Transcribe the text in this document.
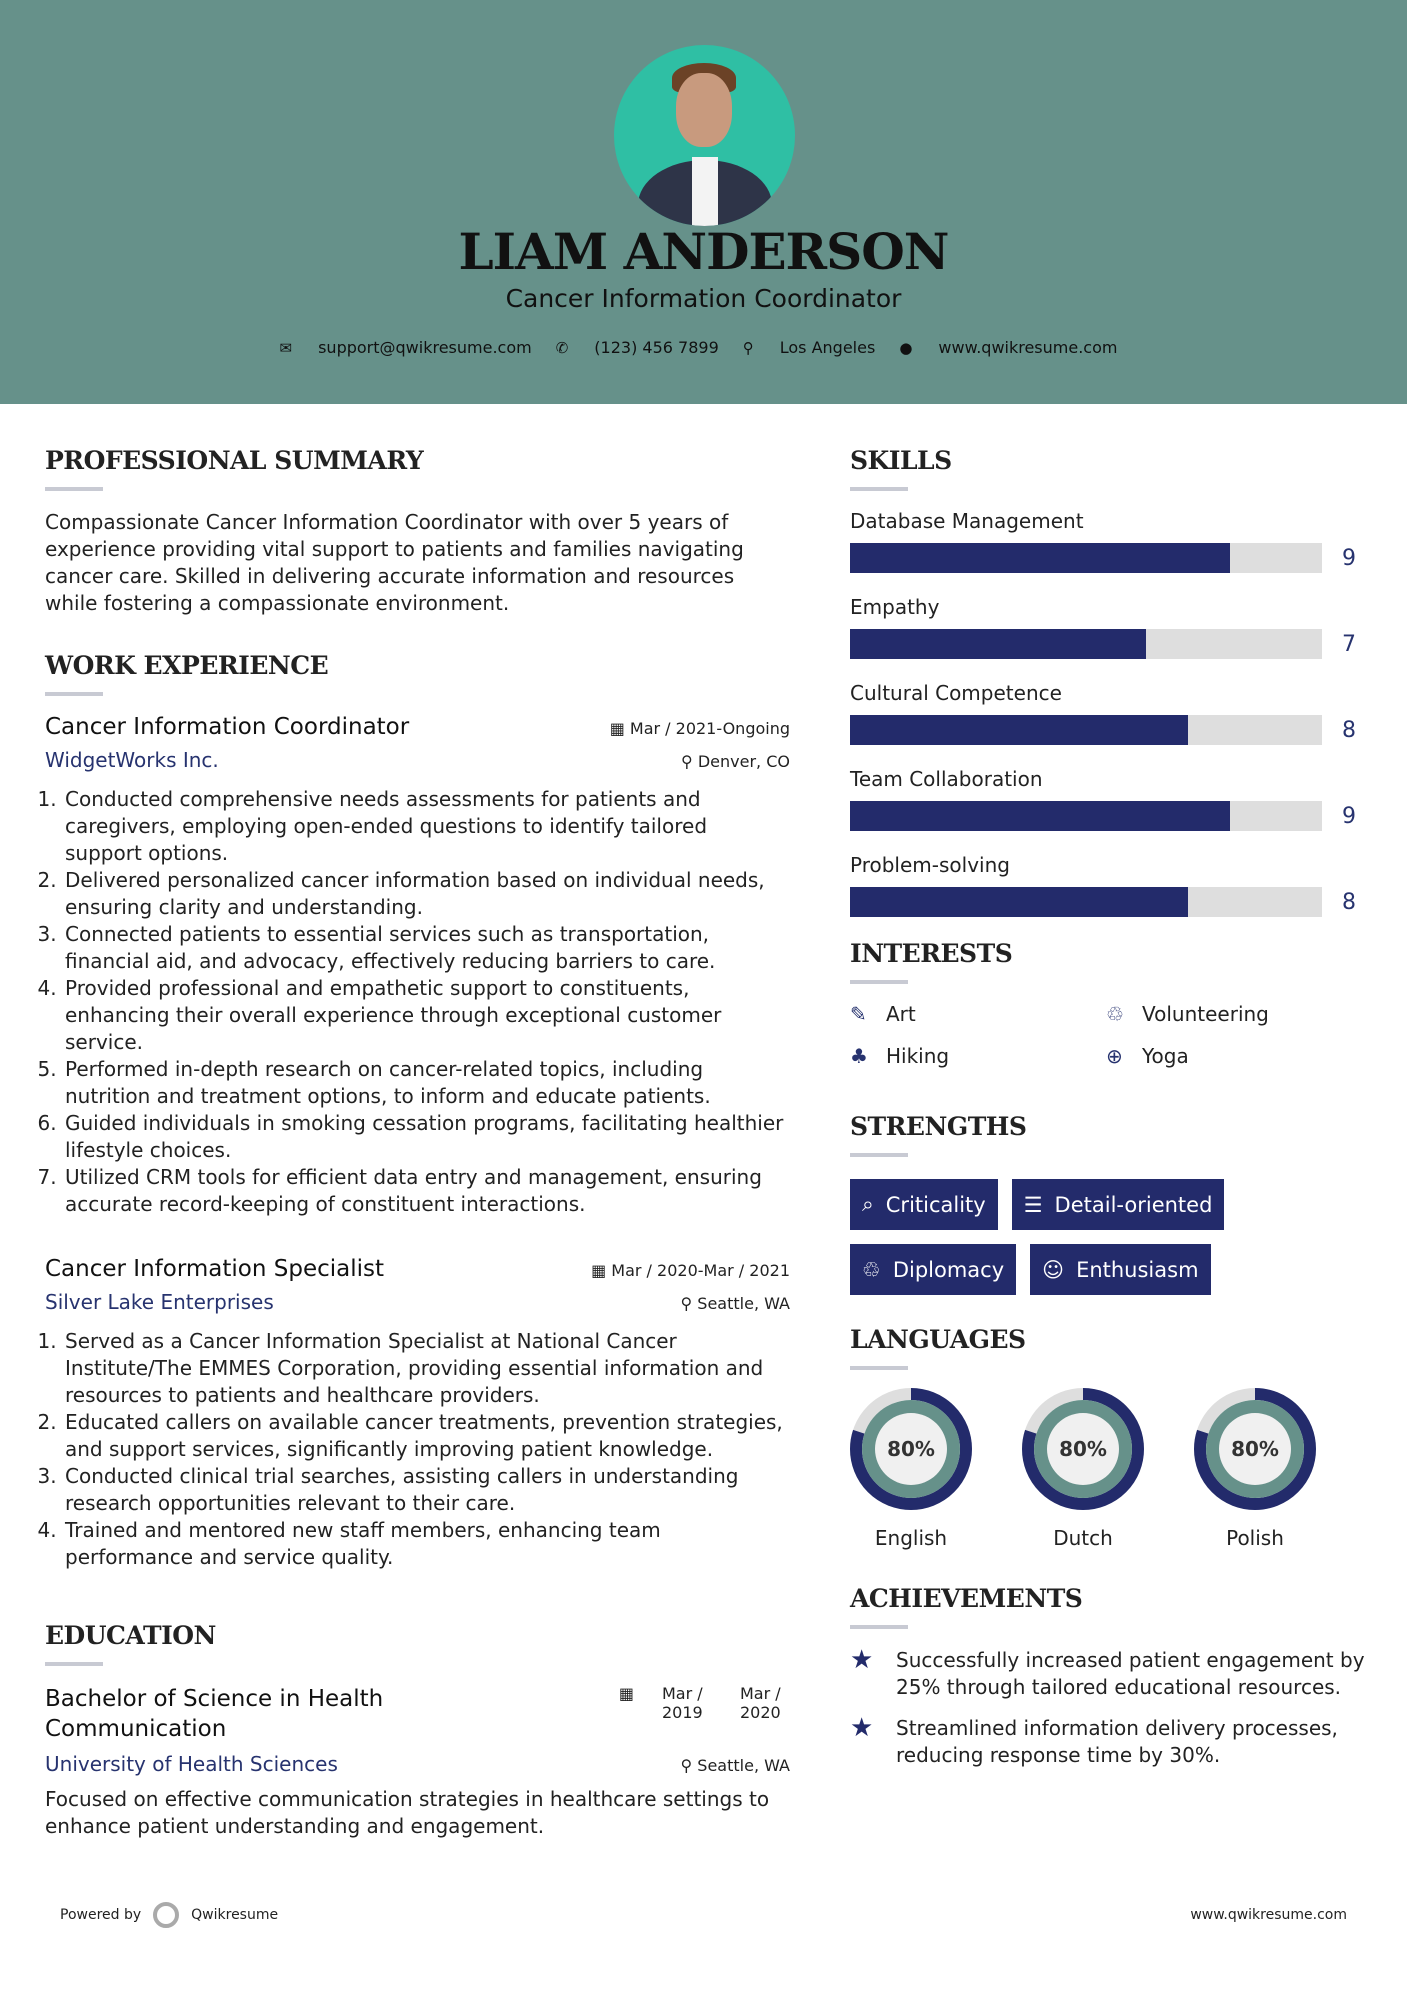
LIAM ANDERSON
Cancer Information Coordinator
✉ support@qwikresume.com ✆ (123) 456 7899 ⚲ Los Angeles ● www.qwikresume.com
PROFESSIONAL SUMMARY

Compassionate Cancer Information Coordinator with over 5 years of experience providing vital support to patients and families navigating cancer care. Skilled in delivering accurate information and resources while fostering a compassionate environment.

WORK EXPERIENCE
Cancer Information Coordinator	▦ Mar / 2021-Ongoing
WidgetWorks Inc.	⚲ Denver, CO
1. Conducted comprehensive needs assessments for patients and caregivers, employing open-ended questions to identify tailored support options.
2. Delivered personalized cancer information based on individual needs, ensuring clarity and understanding.
3. Connected patients to essential services such as transportation, financial aid, and advocacy, effectively reducing barriers to care.
4. Provided professional and empathetic support to constituents, enhancing their overall experience through exceptional customer service.
5. Performed in-depth research on cancer-related topics, including nutrition and treatment options, to inform and educate patients.
6. Guided individuals in smoking cessation programs, facilitating healthier lifestyle choices.
7. Utilized CRM tools for efficient data entry and management, ensuring accurate record-keeping of constituent interactions.
Cancer Information Specialist	▦ Mar / 2020-Mar / 2021
Silver Lake Enterprises	⚲ Seattle, WA
1. Served as a Cancer Information Specialist at National Cancer Institute/The EMMES Corporation, providing essential information and resources to patients and healthcare providers.
2. Educated callers on available cancer treatments, prevention strategies, and support services, significantly improving patient knowledge.
3. Conducted clinical trial searches, assisting callers in understanding research opportunities relevant to their care.
4. Trained and mentored new staff members, enhancing team performance and service quality.
EDUCATION
Bachelor of Science in Health Communication
▦ Mar / 2019
Mar / 2020
University of Health Sciences	⚲ Seattle, WA

Focused on effective communication strategies in healthcare settings to enhance patient understanding and engagement.

SKILLS
Database Management
9
Empathy
7
Cultural Competence
8
Team Collaboration
9
Problem-solving
8
INTERESTS
✎ Art	♲ Volunteering
♣ Hiking	⊕ Yoga
STRENGTHS
⌕ Criticality ☰ Detail-oriented
♲ Diplomacy ☺ Enthusiasm
LANGUAGES
80%
English
80%
Dutch
80%
Polish
ACHIEVEMENTS
★	Successfully increased patient engagement by 25% through tailored educational resources.
★	Streamlined information delivery processes, reducing response time by 30%.
Powered by	Qwikresume	www.qwikresume.com
